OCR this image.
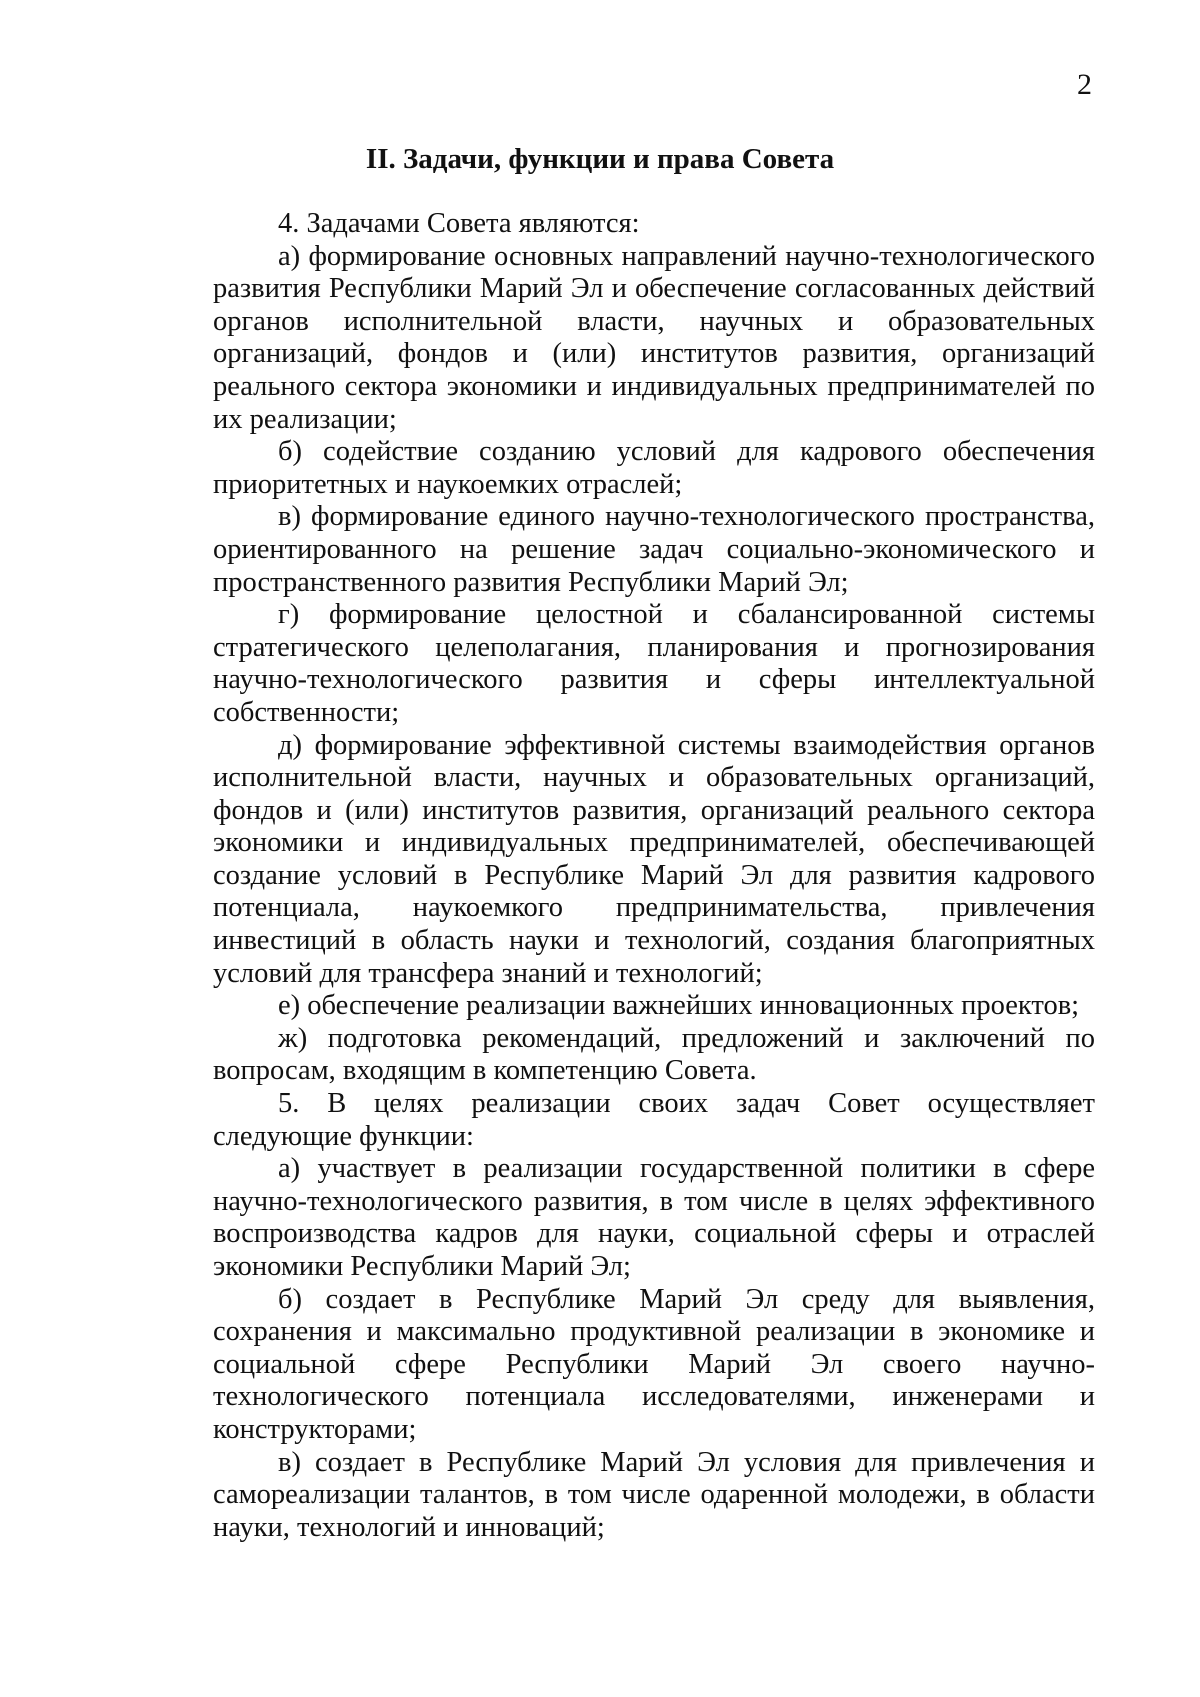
2
II. Задачи, функции и права Совета

4. Задачами Совета являются:

а) формирование основных направлений научно-технологического развития Республики Марий Эл и обеспечение согласованных действий органов исполнительной власти, научных и образовательных организаций, фондов и (или) институтов развития, организаций реального сектора экономики и индивидуальных предпринимателей по их реализации;

б) содействие созданию условий для кадрового обеспечения приоритетных и наукоемких отраслей;

в) формирование единого научно-технологического пространства, ориентированного на решение задач социально-экономического и пространственного развития Республики Марий Эл;

г) формирование целостной и сбалансированной системы стратегического целеполагания, планирования и прогнозирования научно-технологического развития и сферы интеллектуальной собственности;

д) формирование эффективной системы взаимодействия органов исполнительной власти, научных и образовательных организаций, фондов и (или) институтов развития, организаций реального сектора экономики и индивидуальных предпринимателей, обеспечивающей создание условий в Республике Марий Эл для развития кадрового потенциала, наукоемкого предпринимательства, привлечения инвестиций в область науки и технологий, создания благоприятных условий для трансфера знаний и технологий;

е) обеспечение реализации важнейших инновационных проектов;

ж) подготовка рекомендаций, предложений и заключений по вопросам, входящим в компетенцию Совета.

5. В целях реализации своих задач Совет осуществляет следующие функции:

а) участвует в реализации государственной политики в сфере научно-технологического развития, в том числе в целях эффективного воспроизводства кадров для науки, социальной сферы и отраслей экономики Республики Марий Эл;

б) создает в Республике Марий Эл среду для выявления, сохранения и максимально продуктивной реализации в экономике и социальной сфере Республики Марий Эл своего научно-технологического потенциала исследователями, инженерами и конструкторами;

в) создает в Республике Марий Эл условия для привлечения и самореализации талантов, в том числе одаренной молодежи, в области науки, технологий и инноваций;
